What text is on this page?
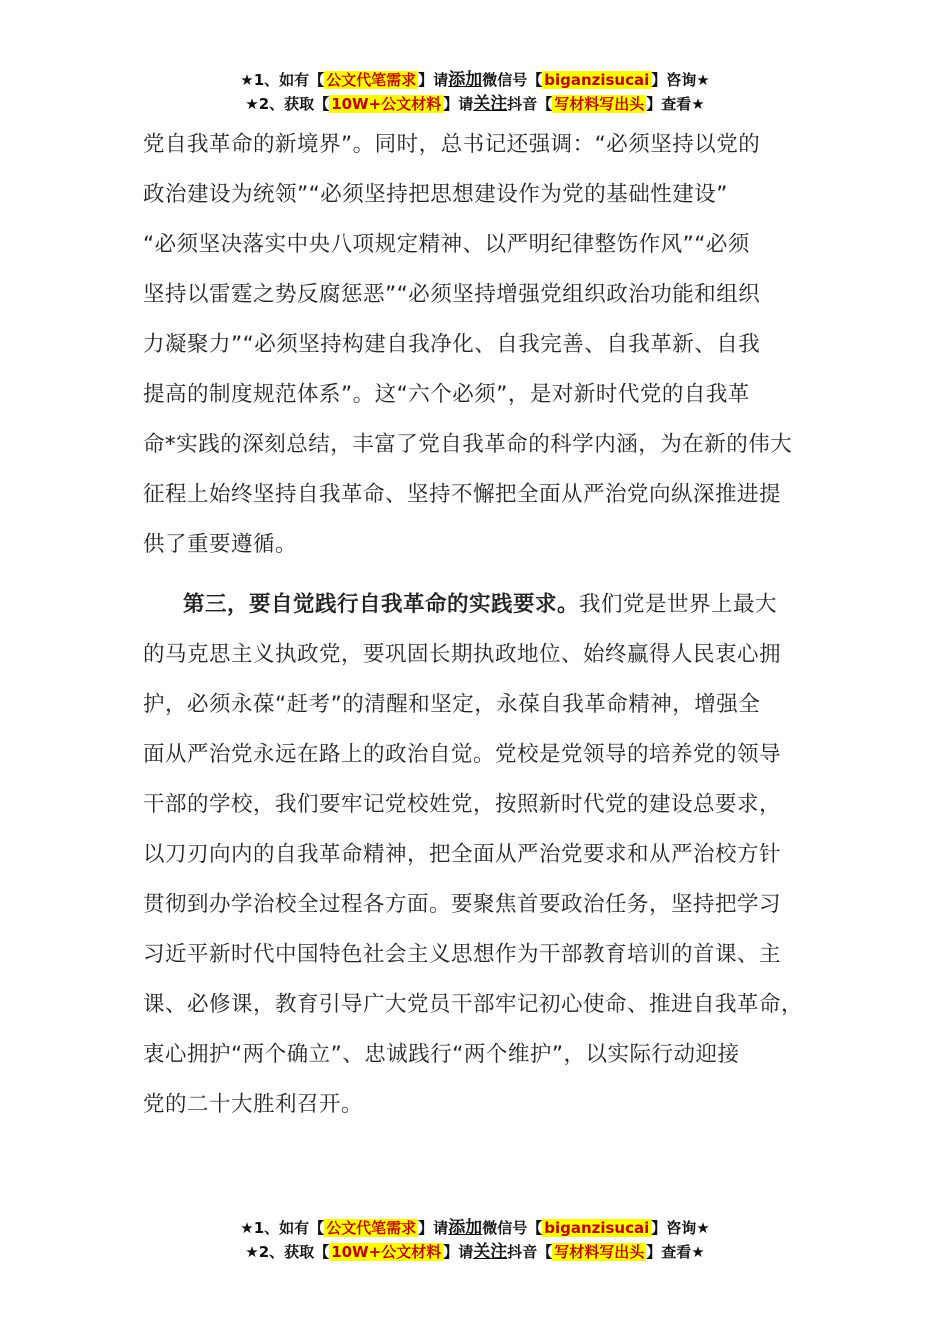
★1、如有【 公文代笔需求 】请添加微信号【 biganzisucai 】咨询★
★2、获取【 10W+公文材料 】请关注抖音【 写材料写出头 】查看★
党自我革命的新境界”。同时，总书记还强调：“必须坚持以党的
政治建设为统领”“必须坚持把思想建设作为党的基础性建设”
“必须坚决落实中央八项规定精神、以严明纪律整饬作风”“必须
坚持以雷霆之势反腐惩恶”“必须坚持增强党组织政治功能和组织
力凝聚力”“必须坚持构建自我净化、自我完善、自我革新、自我
提高的制度规范体系”。这“六个必须”，是对新时代党的自我革
命*实践的深刻总结，丰富了党自我革命的科学内涵，为在新的伟大
征程上始终坚持自我革命、坚持不懈把全面从严治党向纵深推进提
供了重要遵循。
第三，要自觉践行自我革命的实践要求。我们党是世界上最大
的马克思主义执政党，要巩固长期执政地位、始终赢得人民衷心拥
护，必须永葆“赶考”的清醒和坚定，永葆自我革命精神，增强全
面从严治党永远在路上的政治自觉。党校是党领导的培养党的领导
干部的学校，我们要牢记党校姓党，按照新时代党的建设总要求，
以刀刃向内的自我革命精神，把全面从严治党要求和从严治校方针
贯彻到办学治校全过程各方面。要聚焦首要政治任务，坚持把学习
习近平新时代中国特色社会主义思想作为干部教育培训的首课、主
课、必修课，教育引导广大党员干部牢记初心使命、推进自我革命，
衷心拥护“两个确立”、忠诚践行“两个维护”，以实际行动迎接
党的二十大胜利召开。
★1、如有【 公文代笔需求 】请添加微信号【 biganzisucai 】咨询★
★2、获取【 10W+公文材料 】请关注抖音【 写材料写出头 】查看★
